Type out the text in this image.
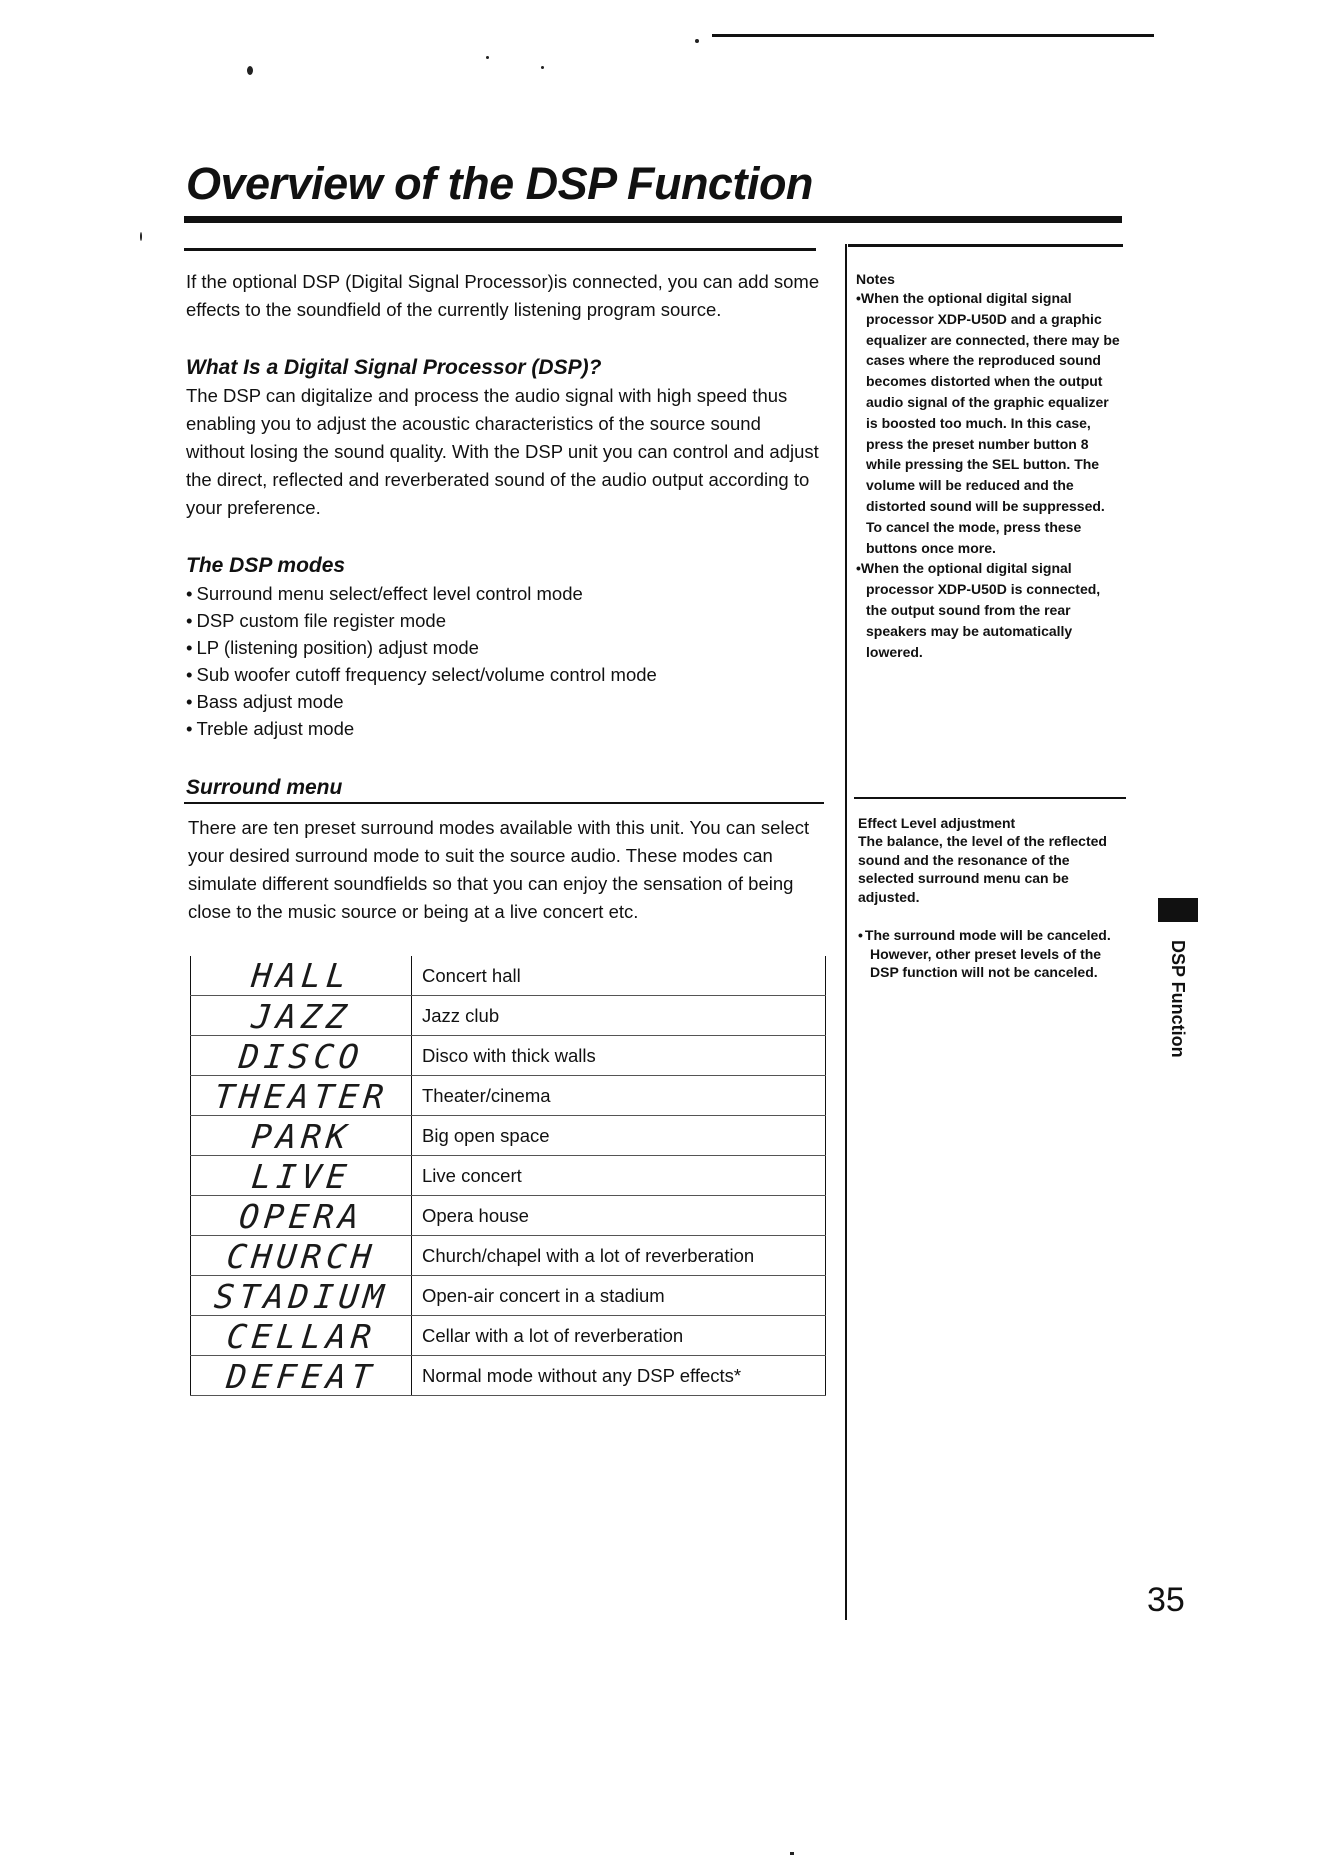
Overview of the DSP Function

If the optional DSP (Digital Signal Processor)is connected, you can add some effects to the soundfield of the currently listening program source.

What Is a Digital Signal Processor (DSP)?

The DSP can digitalize and process the audio signal with high speed thus enabling you to adjust the acoustic characteristics of the source sound without losing the sound quality. With the DSP unit you can control and adjust the direct, reflected and reverberated sound of the audio output according to your preference.

The DSP modes
• Surround menu select/effect level control mode
• DSP custom file register mode
• LP (listening position) adjust mode
• Sub woofer cutoff frequency select/volume control mode
• Bass adjust mode
• Treble adjust mode
Surround menu

There are ten preset surround modes available with this unit. You can select your desired surround mode to suit the source audio. These modes can simulate different soundfields so that you can enjoy the sensation of being close to the music source or being at a live concert etc.

HALL	Concert hall
JAZZ	Jazz club
DISCO	Disco with thick walls
THEATER	Theater/cinema
PARK	Big open space
LIVE	Live concert
OPERA	Opera house
CHURCH	Church/chapel with a lot of reverberation
STADIUM	Open-air concert in a stadium
CELLAR	Cellar with a lot of reverberation
DEFEAT	Normal mode without any DSP effects*

Notes

• When the optional digital signal processor XDP-U50D and a graphic equalizer are connected, there may be cases where the reproduced sound becomes distorted when the output audio signal of the graphic equalizer is boosted too much. In this case, press the preset number button 8 while pressing the SEL button. The volume will be reduced and the distorted sound will be suppressed. To cancel the mode, press these buttons once more.
• When the optional digital signal processor XDP-U50D is connected, the output sound from the rear speakers may be automatically lowered.

Effect Level adjustment

The balance, the level of the reflected sound and the resonance of the selected surround menu can be adjusted.

• The surround mode will be canceled. However, other preset levels of the DSP function will not be canceled.	DSP Function
35
